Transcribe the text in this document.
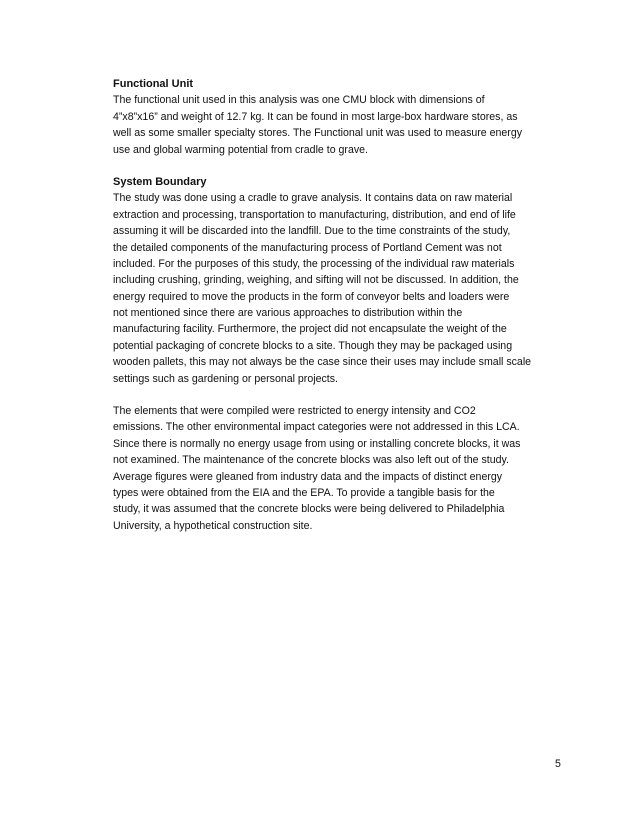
Functional Unit
The functional unit used in this analysis was one CMU block with dimensions of
4”x8”x16” and weight of 12.7 kg. It can be found in most large-box hardware stores, as
well as some smaller specialty stores. The Functional unit was used to measure energy
use and global warming potential from cradle to grave.
System Boundary
The study was done using a cradle to grave analysis. It contains data on raw material
extraction and processing, transportation to manufacturing, distribution, and end of life
assuming it will be discarded into the landfill. Due to the time constraints of the study,
the detailed components of the manufacturing process of Portland Cement was not
included. For the purposes of this study, the processing of the individual raw materials
including crushing, grinding, weighing, and sifting will not be discussed. In addition, the
energy required to move the products in the form of conveyor belts and loaders were
not mentioned since there are various approaches to distribution within the
manufacturing facility. Furthermore, the project did not encapsulate the weight of the
potential packaging of concrete blocks to a site. Though they may be packaged using
wooden pallets, this may not always be the case since their uses may include small scale
settings such as gardening or personal projects.
The elements that were compiled were restricted to energy intensity and CO2
emissions. The other environmental impact categories were not addressed in this LCA.
Since there is normally no energy usage from using or installing concrete blocks, it was
not examined. The maintenance of the concrete blocks was also left out of the study.
Average figures were gleaned from industry data and the impacts of distinct energy
types were obtained from the EIA and the EPA. To provide a tangible basis for the
study, it was assumed that the concrete blocks were being delivered to Philadelphia
University, a hypothetical construction site.
5
